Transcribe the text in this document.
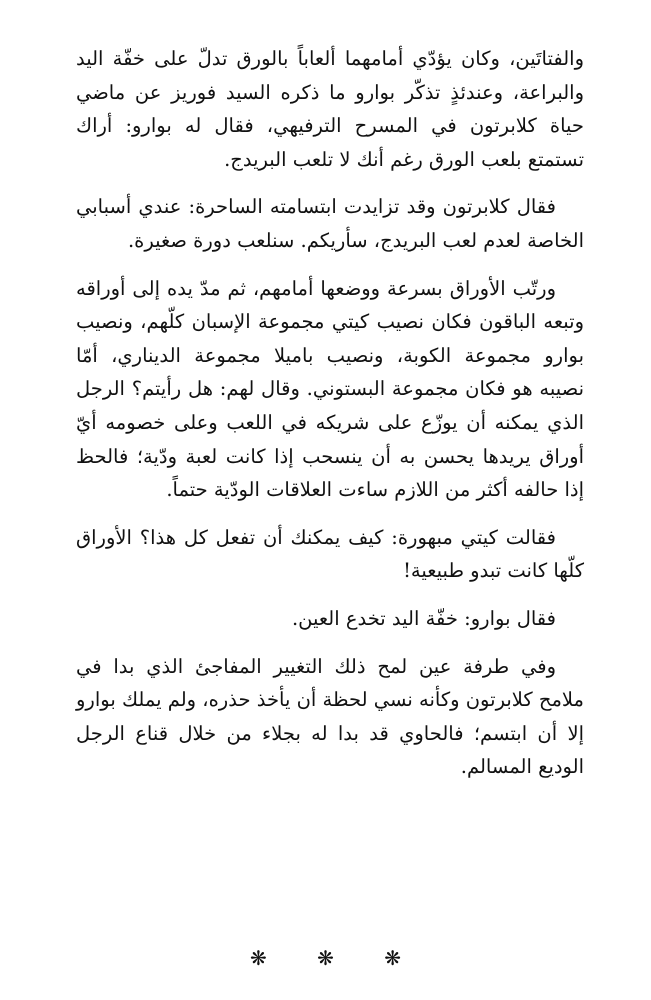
والفتاتَين، وكان يؤدّي أمامهما ألعاباً بالورق تدلّ على خفّة اليد والبراعة، وعندئذٍ تذكّر بوارو ما ذكره السيد فوريز عن ماضي حياة كلابرتون في المسرح الترفيهي، فقال له بوارو: أراك تستمتع بلعب الورق رغم أنك لا تلعب البريدج.

فقال كلابرتون وقد تزايدت ابتسامته الساحرة: عندي أسبابي الخاصة لعدم لعب البريدج، سأريكم. سنلعب دورة صغيرة.

ورتّب الأوراق بسرعة ووضعها أمامهم، ثم مدّ يده إلى أوراقه وتبعه الباقون فكان نصيب كيتي مجموعة الإسبان كلّهم، ونصيب بوارو مجموعة الكوبة، ونصيب باميلا مجموعة الديناري، أمّا نصيبه هو فكان مجموعة البستوني. وقال لهم: هل رأيتم؟ الرجل الذي يمكنه أن يوزّع على شريكه في اللعب وعلى خصومه أيّ أوراق يريدها يحسن به أن ينسحب إذا كانت لعبة ودّية؛ فالحظ إذا حالفه أكثر من اللازم ساءت العلاقات الودّية حتماً.

فقالت كيتي مبهورة: كيف يمكنك أن تفعل كل هذا؟ الأوراق كلّها كانت تبدو طبيعية!

فقال بوارو: خفّة اليد تخدع العين.

وفي طرفة عين لمح ذلك التغيير المفاجئ الذي بدا في ملامح كلابرتون وكأنه نسي لحظة أن يأخذ حذره، ولم يملك بوارو إلا أن ابتسم؛ فالحاوي قد بدا له بجلاء من خلال قناع الرجل الوديع المسالم.

❋ ❋ ❋
